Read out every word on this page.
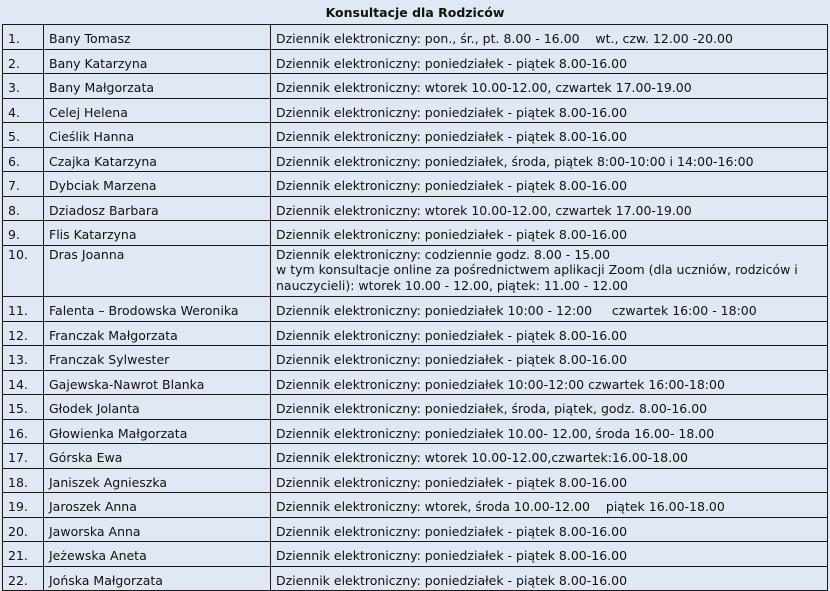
Konsultacje dla Rodziców
1.	Bany Tomasz	Dziennik elektroniczny: pon., śr., pt. 8.00 - 16.00    wt., czw. 12.00 -20.00

2.	Bany Katarzyna	Dziennik elektroniczny: poniedziałek - piątek 8.00-16.00

3.	Bany Małgorzata	Dziennik elektroniczny: wtorek 10.00-12.00, czwartek 17.00-19.00

4.	Celej Helena	Dziennik elektroniczny: poniedziałek - piątek 8.00-16.00

5.	Cieślik Hanna	Dziennik elektroniczny: poniedziałek - piątek 8.00-16.00

6.	Czajka Katarzyna	Dziennik elektroniczny: poniedziałek, środa, piątek 8:00-10:00 i 14:00-16:00

7.	Dybciak Marzena	Dziennik elektroniczny: poniedziałek - piątek 8.00-16.00

8.	Dziadosz Barbara	Dziennik elektroniczny: wtorek 10.00-12.00, czwartek 17.00-19.00

9.	Flis Katarzyna	Dziennik elektroniczny: poniedziałek - piątek 8.00-16.00

10.	Dras Joanna	Dziennik elektroniczny: codziennie godz. 8.00 - 15.00
w tym konsultacje online za pośrednictwem aplikacji Zoom (dla uczniów, rodziców i
nauczycieli): wtorek 10.00 - 12.00, piątek: 11.00 - 12.00

11.	Falenta – Brodowska Weronika	Dziennik elektroniczny: poniedziałek 10:00 - 12:00     czwartek 16:00 - 18:00

12.	Franczak Małgorzata	Dziennik elektroniczny: poniedziałek - piątek 8.00-16.00

13.	Franczak Sylwester	Dziennik elektroniczny: poniedziałek - piątek 8.00-16.00

14.	Gajewska-Nawrot Blanka	Dziennik elektroniczny: poniedziałek 10:00-12:00 czwartek 16:00-18:00

15.	Głodek Jolanta	Dziennik elektroniczny: poniedziałek, środa, piątek, godz. 8.00-16.00

16.	Głowienka Małgorzata	Dziennik elektroniczny: poniedziałek 10.00- 12.00, środa 16.00- 18.00

17.	Górska Ewa	Dziennik elektroniczny: wtorek 10.00-12.00,czwartek:16.00-18.00

18.	Janiszek Agnieszka	Dziennik elektroniczny: poniedziałek - piątek 8.00-16.00

19.	Jaroszek Anna	Dziennik elektroniczny: wtorek, środa 10.00-12.00    piątek 16.00-18.00

20.	Jaworska Anna	Dziennik elektroniczny: poniedziałek - piątek 8.00-16.00

21.	Jeżewska Aneta	Dziennik elektroniczny: poniedziałek - piątek 8.00-16.00

22.	Jońska Małgorzata	Dziennik elektroniczny: poniedziałek - piątek 8.00-16.00
